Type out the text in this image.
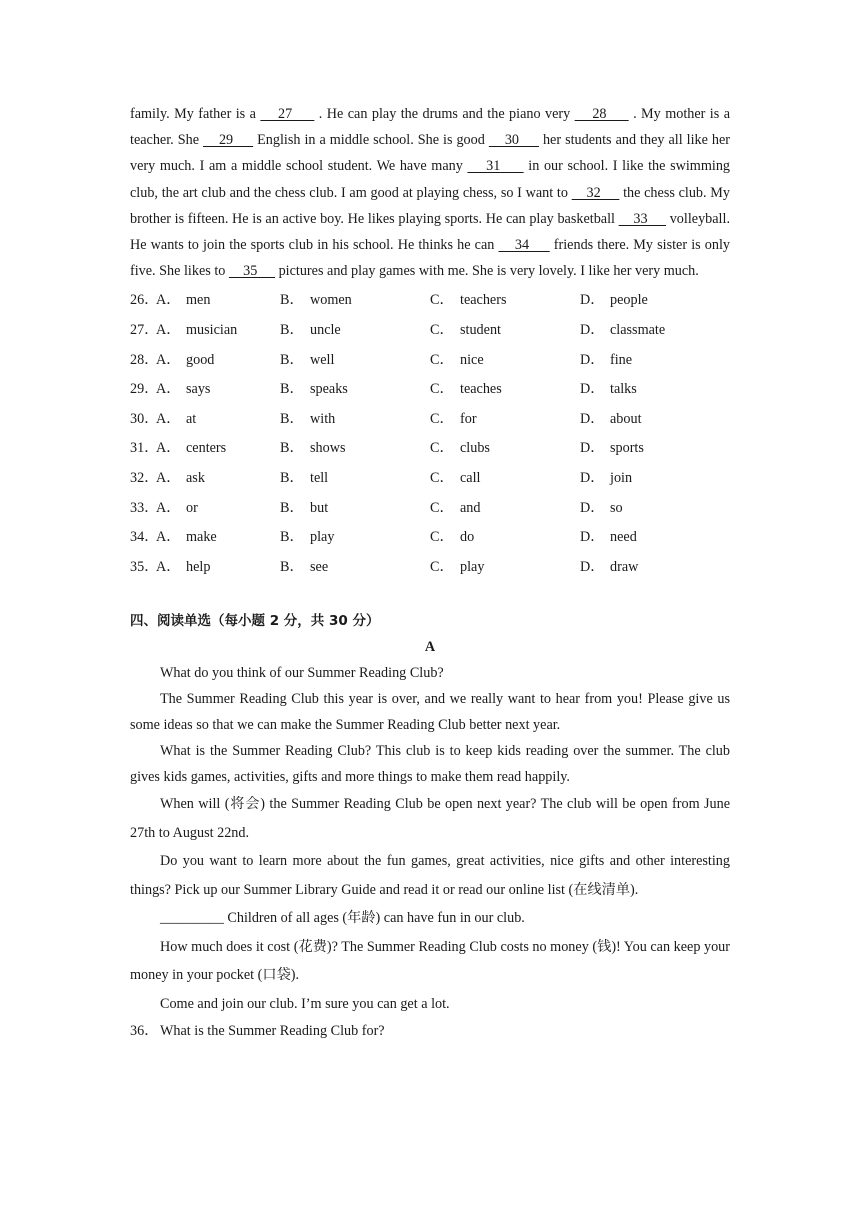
family. My father is a     27      . He can play the drums and the piano very     28      . My mother is a teacher. She     29      English in a middle school. She is good     30      her students and they all like her very much. I am a middle school student. We have many     31      in our school. I like the swimming club, the art club and the chess club. I am good at playing chess, so I want to     32      the chess club. My brother is fifteen. He is an active boy. He likes playing sports. He can play basketball     33      volleyball. He wants to join the sports club in his school. He thinks he can     34      friends there. My sister is only five. She likes to     35      pictures and play games with me. She is very lovely. I like her very much.

26．
A． men	B． women	C． teachers	D． people
27．
A． musician	B． uncle	C． student	D． classmate
28．
A． good	B． well	C． nice	D． fine
29．
A． says	B． speaks	C． teaches	D． talks
30．
A． at	B． with	C． for	D． about
31．
A． centers	B． shows	C． clubs	D． sports
32．
A． ask	B． tell	C． call	D． join
33．
A． or	B． but	C． and	D． so
34．
A． make	B． play	C． do	D． need
35．
A． help	B． see	C． play	D． draw
四、阅读单选（每小题 2 分，共 30 分）
A

What do you think of our Summer Reading Club?

The Summer Reading Club this year is over, and we really want to hear from you! Please give us some ideas so that we can make the Summer Reading Club better next year.

What is the Summer Reading Club? This club is to keep kids reading over the summer. The club gives kids games, activities, gifts and more things to make them read happily.

When will (将会) the Summer Reading Club be open next year? The club will be open from June 27th to August 22nd.

Do you want to learn more about the fun games, great activities, nice gifts and other interesting things? Pick up our Summer Library Guide and read it or read our online list (在线清单).

_________ Children of all ages (年龄) can have fun in our club.

How much does it cost (花费)? The Summer Reading Club costs no money (钱)! You can keep your money in your pocket (口袋).

Come and join our club. I’m sure you can get a lot.

36． What is the Summer Reading Club for?
